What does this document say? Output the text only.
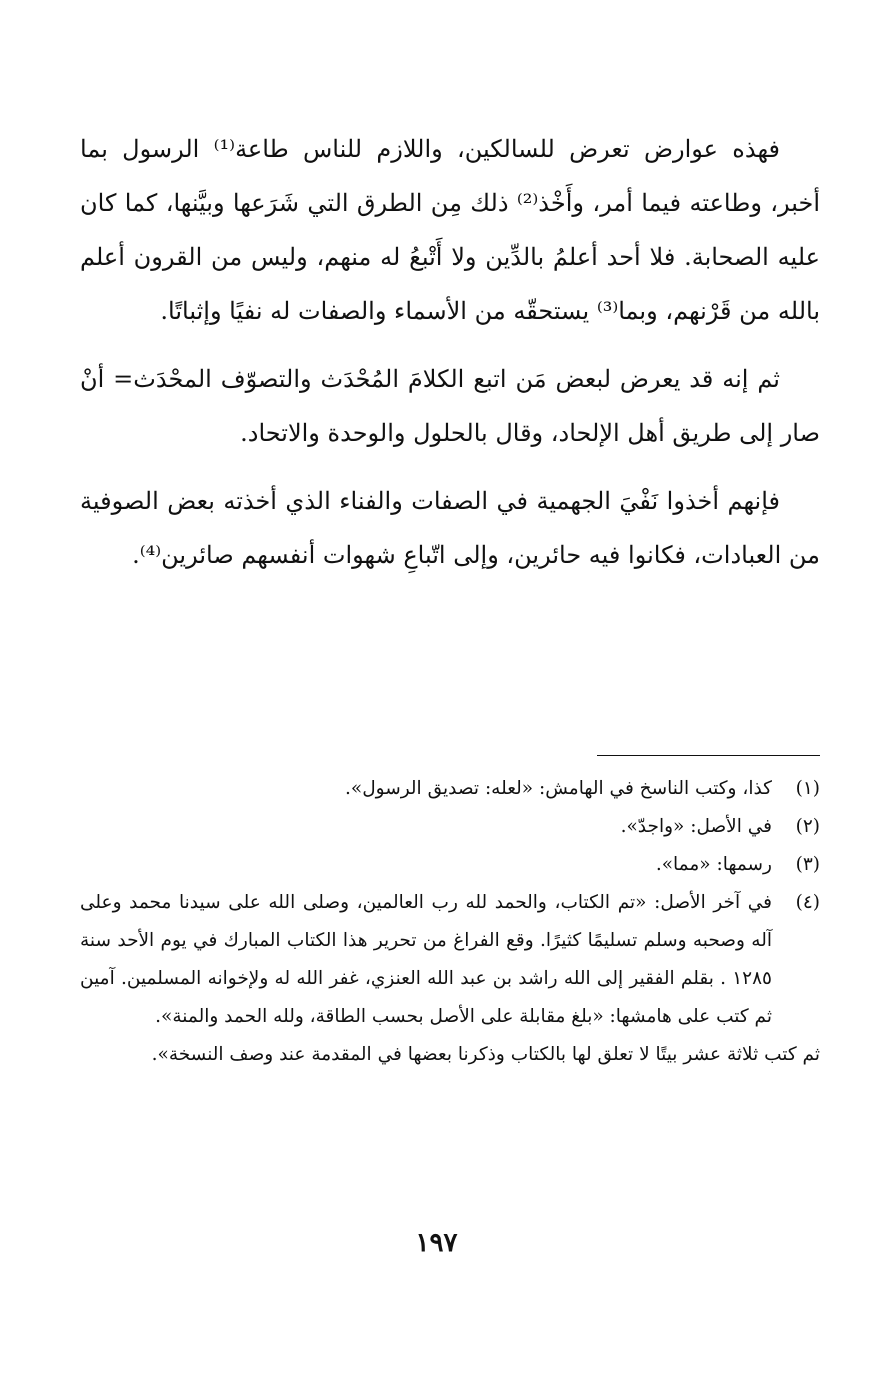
فهذه عوارض تعرض للسالكين، واللازم للناس طاعة⁽¹⁾ الرسول بما أخبر، وطاعته فيما أمر، وأَخْذ⁽²⁾ ذلك مِن الطرق التي شَرَعها وبيَّنها، كما كان عليه الصحابة. فلا أحد أعلمُ بالدِّين ولا أَتْبعُ له منهم، وليس من القرون أعلم بالله من قَرْنهم، وبما⁽³⁾ يستحقّه من الأسماء والصفات له نفيًا وإثباتًا.

ثم إنه قد يعرض لبعض مَن اتبع الكلامَ المُحْدَث والتصوّف المحْدَث= أنْ صار إلى طريق أهل الإلحاد، وقال بالحلول والوحدة والاتحاد.

فإنهم أخذوا نَفْيَ الجهمية في الصفات والفناء الذي أخذته بعض الصوفية من العبادات، فكانوا فيه حائرين، وإلى اتّباعِ شهوات أنفسهم صائرين⁽⁴⁾.

(١)
كذا، وكتب الناسخ في الهامش: «لعله: تصديق الرسول».
(٢)
في الأصل: «واجدّ».
(٣)
رسمها: «مما».
(٤)
في آخر الأصل: «تم الكتاب، والحمد لله رب العالمين، وصلى الله على سيدنا محمد وعلى آله وصحبه وسلم تسليمًا كثيرًا. وقع الفراغ من تحرير هذا الكتاب المبارك في يوم الأحد سنة ١٢٨٥ . بقلم الفقير إلى الله راشد بن عبد الله العنزي، غفر الله له ولإخوانه المسلمين. آمين ثم كتب على هامشها: «بلغ مقابلة على الأصل بحسب الطاقة، ولله الحمد والمنة».

ثم كتب ثلاثة عشر بيتًا لا تعلق لها بالكتاب وذكرنا بعضها في المقدمة عند وصف النسخة».

١٩٧
